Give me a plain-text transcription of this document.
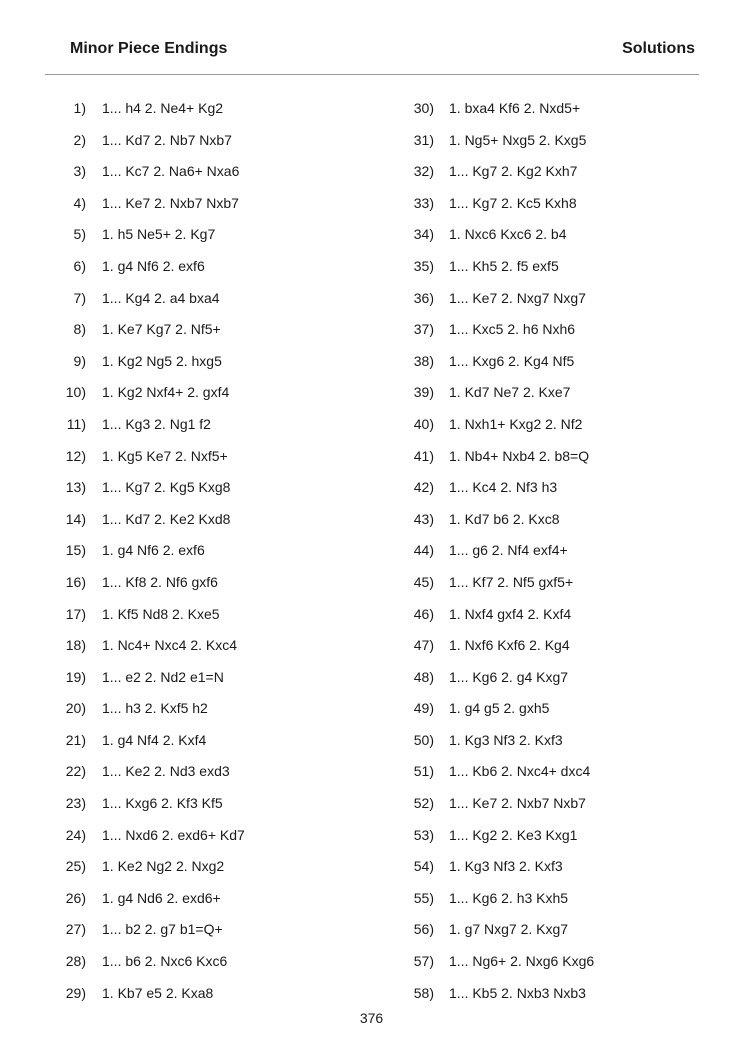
Minor Piece Endings	Solutions
1) 1... h4 2. Ne4+ Kg2
2) 1... Kd7 2. Nb7 Nxb7
3) 1... Kc7 2. Na6+ Nxa6
4) 1... Ke7 2. Nxb7 Nxb7
5) 1. h5 Ne5+ 2. Kg7
6) 1. g4 Nf6 2. exf6
7) 1... Kg4 2. a4 bxa4
8) 1. Ke7 Kg7 2. Nf5+
9) 1. Kg2 Ng5 2. hxg5
10) 1. Kg2 Nxf4+ 2. gxf4
11) 1... Kg3 2. Ng1 f2
12) 1. Kg5 Ke7 2. Nxf5+
13) 1... Kg7 2. Kg5 Kxg8
14) 1... Kd7 2. Ke2 Kxd8
15) 1. g4 Nf6 2. exf6
16) 1... Kf8 2. Nf6 gxf6
17) 1. Kf5 Nd8 2. Kxe5
18) 1. Nc4+ Nxc4 2. Kxc4
19) 1... e2 2. Nd2 e1=N
20) 1... h3 2. Kxf5 h2
21) 1. g4 Nf4 2. Kxf4
22) 1... Ke2 2. Nd3 exd3
23) 1... Kxg6 2. Kf3 Kf5
24) 1... Nxd6 2. exd6+ Kd7
25) 1. Ke2 Ng2 2. Nxg2
26) 1. g4 Nd6 2. exd6+
27) 1... b2 2. g7 b1=Q+
28) 1... b6 2. Nxc6 Kxc6
29) 1. Kb7 e5 2. Kxa8
30) 1. bxa4 Kf6 2. Nxd5+
31) 1. Ng5+ Nxg5 2. Kxg5
32) 1... Kg7 2. Kg2 Kxh7
33) 1... Kg7 2. Kc5 Kxh8
34) 1. Nxc6 Kxc6 2. b4
35) 1... Kh5 2. f5 exf5
36) 1... Ke7 2. Nxg7 Nxg7
37) 1... Kxc5 2. h6 Nxh6
38) 1... Kxg6 2. Kg4 Nf5
39) 1. Kd7 Ne7 2. Kxe7
40) 1. Nxh1+ Kxg2 2. Nf2
41) 1. Nb4+ Nxb4 2. b8=Q
42) 1... Kc4 2. Nf3 h3
43) 1. Kd7 b6 2. Kxc8
44) 1... g6 2. Nf4 exf4+
45) 1... Kf7 2. Nf5 gxf5+
46) 1. Nxf4 gxf4 2. Kxf4
47) 1. Nxf6 Kxf6 2. Kg4
48) 1... Kg6 2. g4 Kxg7
49) 1. g4 g5 2. gxh5
50) 1. Kg3 Nf3 2. Kxf3
51) 1... Kb6 2. Nxc4+ dxc4
52) 1... Ke7 2. Nxb7 Nxb7
53) 1... Kg2 2. Ke3 Kxg1
54) 1. Kg3 Nf3 2. Kxf3
55) 1... Kg6 2. h3 Kxh5
56) 1. g7 Nxg7 2. Kxg7
57) 1... Ng6+ 2. Nxg6 Kxg6
58) 1... Kb5 2. Nxb3 Nxb3
376
